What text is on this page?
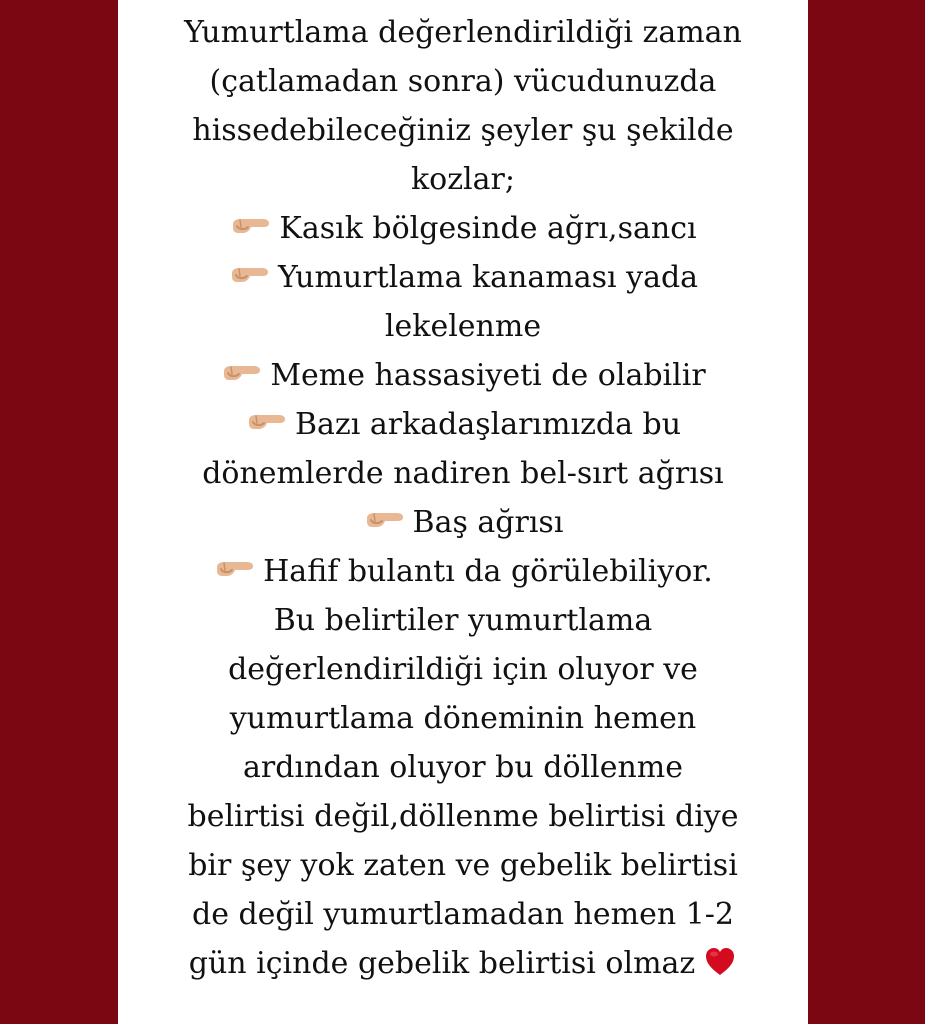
Yumurtlama değerlendirildiği zaman
(çatlamadan sonra) vücudunuzda
hissedebileceğiniz şeyler şu şekilde
kozlar;
Kasık bölgesinde ağrı,sancı
Yumurtlama kanaması yada
lekelenme
Meme hassasiyeti de olabilir
Bazı arkadaşlarımızda bu
dönemlerde nadiren bel-sırt ağrısı
Baş ağrısı
Hafif bulantı da görülebiliyor.
Bu belirtiler yumurtlama
değerlendirildiği için oluyor ve
yumurtlama döneminin hemen
ardından oluyor bu döllenme
belirtisi değil,döllenme belirtisi diye
bir şey yok zaten ve gebelik belirtisi
de değil yumurtlamadan hemen 1-2
gün içinde gebelik belirtisi olmaz
